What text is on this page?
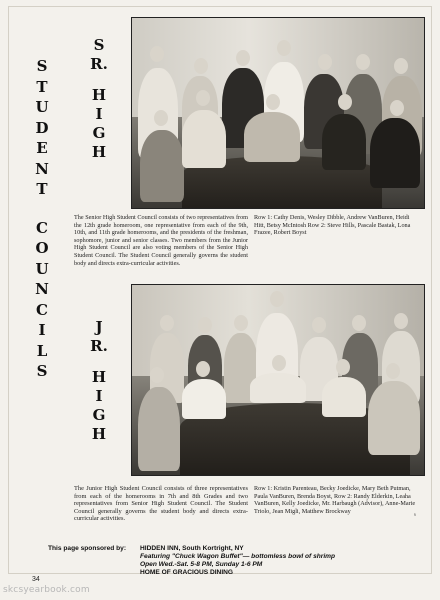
S
T
U
D
E
N
T
C
O
U
N
C
I
L
S
S
R.
H
I
G
H
J
R.
H
I
G
H
The Senior High Student Council consists of two representatives from the 12th grade homeroom, one representative from each of the 9th, 10th, and 11th grade homerooms, and the presidents of the freshman, sophomore, junior and senior classes. Two members from the Junior High Student Council are also voting members of the Senior High Student Council. The Student Council generally governs the student body and directs extra-curricular activities.
Row 1: Cathy Denis, Wesley Dibble, Andrew VanBuren, Heidi Hitt, Betsy McIntosh Row 2: Steve Hills, Pascale Bastak, Lona Frazee, Robert Boyst
The Junior High Student Council consists of three representatives from each of the homerooms in 7th and 8th Grades and two representatives from Senior High Student Council. The Student Council generally governs the student body and directs extra-curricular activities.
Row 1: Kristin Parenteau, Becky Joedicke, Mary Beth Putman, Paula VanBuren, Brenda Boyst, Row 2: Randy Elderkin, Leaha VanBuren, Kelly Joedicke, Mr. Harbaugh (Advisor), Anne-Marie Triolo, Jean Migli, Matthew Brockway	6
This page sponsored by:	HIDDEN INN, South Kortright, NY
Featuring "Chuck Wagon Buffet" — bottomless bowl of shrimp
Open Wed.-Sat. 5-8 PM, Sunday 1-6 PM
HOME OF GRACIOUS DINING
34
skcsyearbook.com
